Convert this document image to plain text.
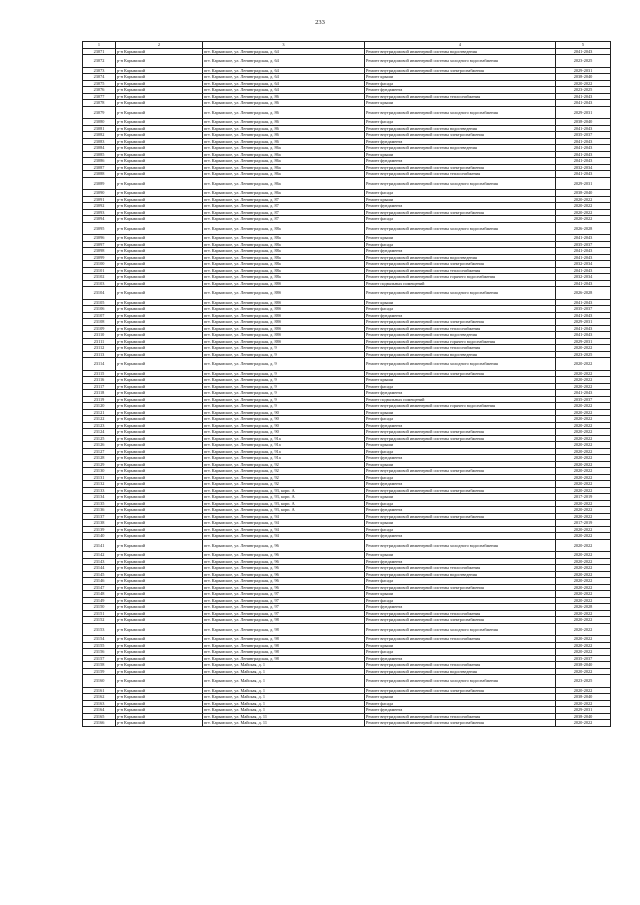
233
1	2	3	4	5
23071	р-н Карымский	пгт. Карымское, ул. Ленинградская, д. 64	Ремонт внутридомовой инженерной системы водоотведения	2041-2043
23072	р-н Карымский	пгт. Карымское, ул. Ленинградская, д. 64	Ремонт внутридомовой инженерной системы холодного водоснабжения	2023-2025
23073	р-н Карымский	пгт. Карымское, ул. Ленинградская, д. 64	Ремонт внутридомовой инженерной системы электроснабжения	2029-2031
23074	р-н Карымский	пгт. Карымское, ул. Ленинградская, д. 64	Ремонт крыши	2038-2040
23075	р-н Карымский	пгт. Карымское, ул. Ленинградская, д. 64	Ремонт фасада	2020-2022
23076	р-н Карымский	пгт. Карымское, ул. Ленинградская, д. 64	Ремонт фундамента	2023-2025
23077	р-н Карымский	пгт. Карымское, ул. Ленинградская, д. 86	Ремонт внутридомовой инженерной системы теплоснабжения	2041-2043
23078	р-н Карымский	пгт. Карымское, ул. Ленинградская, д. 86	Ремонт крыши	2041-2043
23079	р-н Карымский	пгт. Карымское, ул. Ленинградская, д. 86	Ремонт внутридомовой инженерной системы холодного водоснабжения	2029-2031
23080	р-н Карымский	пгт. Карымское, ул. Ленинградская, д. 86	Ремонт фасада	2038-2040
23081	р-н Карымский	пгт. Карымское, ул. Ленинградская, д. 86	Ремонт внутридомовой инженерной системы водоотведения	2041-2043
23082	р-н Карымский	пгт. Карымское, ул. Ленинградская, д. 86	Ремонт внутридомовой инженерной системы электроснабжения	2035-2037
23083	р-н Карымский	пгт. Карымское, ул. Ленинградская, д. 86	Ремонт фундамента	2041-2043
23084	р-н Карымский	пгт. Карымское, ул. Ленинградская, д. 86а	Ремонт внутридомовой инженерной системы водоотведения	2041-2043
23085	р-н Карымский	пгт. Карымское, ул. Ленинградская, д. 86а	Ремонт крыши	2041-2043
23086	р-н Карымский	пгт. Карымское, ул. Ленинградская, д. 86а	Ремонт фундамента	2041-2043
23087	р-н Карымский	пгт. Карымское, ул. Ленинградская, д. 86а	Ремонт внутридомовой инженерной системы электроснабжения	2032-2034
23088	р-н Карымский	пгт. Карымское, ул. Ленинградская, д. 86а	Ремонт внутридомовой инженерной системы теплоснабжения	2041-2043
23089	р-н Карымский	пгт. Карымское, ул. Ленинградская, д. 86а	Ремонт внутридомовой инженерной системы холодного водоснабжения	2029-2031
23090	р-н Карымский	пгт. Карымское, ул. Ленинградская, д. 86а	Ремонт фасада	2038-2040
23091	р-н Карымский	пгт. Карымское, ул. Ленинградская, д. 87	Ремонт крыши	2020-2022
23092	р-н Карымский	пгт. Карымское, ул. Ленинградская, д. 87	Ремонт фундамента	2020-2022
23093	р-н Карымский	пгт. Карымское, ул. Ленинградская, д. 87	Ремонт внутридомовой инженерной системы электроснабжения	2020-2022
23094	р-н Карымский	пгт. Карымское, ул. Ленинградская, д. 87	Ремонт фасада	2020-2022
23095	р-н Карымский	пгт. Карымское, ул. Ленинградская, д. 88а	Ремонт внутридомовой инженерной системы холодного водоснабжения	2026-2028
23096	р-н Карымский	пгт. Карымское, ул. Ленинградская, д. 88а	Ремонт крыши	2041-2043
23097	р-н Карымский	пгт. Карымское, ул. Ленинградская, д. 88а	Ремонт фасада	2035-2037
23098	р-н Карымский	пгт. Карымское, ул. Ленинградская, д. 88а	Ремонт фундамента	2041-2043
23099	р-н Карымский	пгт. Карымское, ул. Ленинградская, д. 88а	Ремонт внутридомовой инженерной системы водоотведения	2041-2043
23100	р-н Карымский	пгт. Карымское, ул. Ленинградская, д. 88а	Ремонт внутридомовой инженерной системы электроснабжения	2032-2034
23101	р-н Карымский	пгт. Карымское, ул. Ленинградская, д. 88а	Ремонт внутридомовой инженерной системы теплоснабжения	2041-2043
23102	р-н Карымский	пгт. Карымское, ул. Ленинградская, д. 88а	Ремонт внутридомовой инженерной системы горячего водоснабжения	2032-2034
23103	р-н Карымский	пгт. Карымское, ул. Ленинградская, д. 88б	Ремонт подвальных помещений	2041-2043
23104	р-н Карымский	пгт. Карымское, ул. Ленинградская, д. 88б	Ремонт внутридомовой инженерной системы холодного водоснабжения	2026-2028
23105	р-н Карымский	пгт. Карымское, ул. Ленинградская, д. 88б	Ремонт крыши	2041-2043
23106	р-н Карымский	пгт. Карымское, ул. Ленинградская, д. 88б	Ремонт фасада	2035-2037
23107	р-н Карымский	пгт. Карымское, ул. Ленинградская, д. 88б	Ремонт фундамента	2041-2043
23108	р-н Карымский	пгт. Карымское, ул. Ленинградская, д. 88б	Ремонт внутридомовой инженерной системы электроснабжения	2029-2031
23109	р-н Карымский	пгт. Карымское, ул. Ленинградская, д. 88б	Ремонт внутридомовой инженерной системы теплоснабжения	2041-2043
23110	р-н Карымский	пгт. Карымское, ул. Ленинградская, д. 88б	Ремонт внутридомовой инженерной системы водоотведения	2041-2043
23111	р-н Карымский	пгт. Карымское, ул. Ленинградская, д. 88б	Ремонт внутридомовой инженерной системы горячего водоснабжения	2029-2031
23112	р-н Карымский	пгт. Карымское, ул. Ленинградская, д. 9	Ремонт внутридомовой инженерной системы теплоснабжения	2020-2022
23113	р-н Карымский	пгт. Карымское, ул. Ленинградская, д. 9	Ремонт внутридомовой инженерной системы водоотведения	2023-2025
23114	р-н Карымский	пгт. Карымское, ул. Ленинградская, д. 9	Ремонт внутридомовой инженерной системы холодного водоснабжения	2020-2022
23115	р-н Карымский	пгт. Карымское, ул. Ленинградская, д. 9	Ремонт внутридомовой инженерной системы электроснабжения	2020-2022
23116	р-н Карымский	пгт. Карымское, ул. Ленинградская, д. 9	Ремонт крыши	2020-2022
23117	р-н Карымский	пгт. Карымское, ул. Ленинградская, д. 9	Ремонт фасада	2020-2022
23118	р-н Карымский	пгт. Карымское, ул. Ленинградская, д. 9	Ремонт фундамента	2041-2043
23119	р-н Карымский	пгт. Карымское, ул. Ленинградская, д. 9	Ремонт подвальных помещений	2035-2037
23120	р-н Карымский	пгт. Карымское, ул. Ленинградская, д. 9	Ремонт внутридомовой инженерной системы горячего водоснабжения	2020-2022
23121	р-н Карымский	пгт. Карымское, ул. Ленинградская, д. 90	Ремонт крыши	2020-2022
23122	р-н Карымский	пгт. Карымское, ул. Ленинградская, д. 90	Ремонт фасада	2020-2022
23123	р-н Карымский	пгт. Карымское, ул. Ленинградская, д. 90	Ремонт фундамента	2020-2022
23124	р-н Карымский	пгт. Карымское, ул. Ленинградская, д. 90	Ремонт внутридомовой инженерной системы электроснабжения	2020-2022
23125	р-н Карымский	пгт. Карымское, ул. Ленинградская, д. 91а	Ремонт внутридомовой инженерной системы электроснабжения	2020-2022
23126	р-н Карымский	пгт. Карымское, ул. Ленинградская, д. 91а	Ремонт крыши	2020-2022
23127	р-н Карымский	пгт. Карымское, ул. Ленинградская, д. 91а	Ремонт фасада	2020-2022
23128	р-н Карымский	пгт. Карымское, ул. Ленинградская, д. 91а	Ремонт фундамента	2020-2022
23129	р-н Карымский	пгт. Карымское, ул. Ленинградская, д. 92	Ремонт крыши	2020-2022
23130	р-н Карымский	пгт. Карымское, ул. Ленинградская, д. 92	Ремонт внутридомовой инженерной системы электроснабжения	2020-2022
23131	р-н Карымский	пгт. Карымское, ул. Ленинградская, д. 92	Ремонт фасада	2020-2022
23132	р-н Карымский	пгт. Карымское, ул. Ленинградская, д. 92	Ремонт фундамента	2020-2022
23133	р-н Карымский	пгт. Карымское, ул. Ленинградская, д. 93, корп. А	Ремонт внутридомовой инженерной системы электроснабжения	2020-2022
23134	р-н Карымский	пгт. Карымское, ул. Ленинградская, д. 93, корп. А	Ремонт крыши	2017-2019
23135	р-н Карымский	пгт. Карымское, ул. Ленинградская, д. 93, корп. А	Ремонт фасада	2020-2022
23136	р-н Карымский	пгт. Карымское, ул. Ленинградская, д. 93, корп. А	Ремонт фундамента	2020-2022
23137	р-н Карымский	пгт. Карымское, ул. Ленинградская, д. 94	Ремонт внутридомовой инженерной системы электроснабжения	2020-2022
23138	р-н Карымский	пгт. Карымское, ул. Ленинградская, д. 94	Ремонт крыши	2017-2019
23139	р-н Карымский	пгт. Карымское, ул. Ленинградская, д. 94	Ремонт фасада	2020-2022
23140	р-н Карымский	пгт. Карымское, ул. Ленинградская, д. 94	Ремонт фундамента	2020-2022
23141	р-н Карымский	пгт. Карымское, ул. Ленинградская, д. 96	Ремонт внутридомовой инженерной системы холодного водоснабжения	2020-2022
23142	р-н Карымский	пгт. Карымское, ул. Ленинградская, д. 96	Ремонт крыши	2020-2022
23143	р-н Карымский	пгт. Карымское, ул. Ленинградская, д. 96	Ремонт фундамента	2020-2022
23144	р-н Карымский	пгт. Карымское, ул. Ленинградская, д. 96	Ремонт внутридомовой инженерной системы теплоснабжения	2020-2022
23145	р-н Карымский	пгт. Карымское, ул. Ленинградская, д. 96	Ремонт внутридомовой инженерной системы водоотведения	2020-2022
23146	р-н Карымский	пгт. Карымское, ул. Ленинградская, д. 96	Ремонт фасада	2020-2022
23147	р-н Карымский	пгт. Карымское, ул. Ленинградская, д. 96	Ремонт внутридомовой инженерной системы электроснабжения	2020-2022
23148	р-н Карымский	пгт. Карымское, ул. Ленинградская, д. 97	Ремонт крыши	2020-2022
23149	р-н Карымский	пгт. Карымское, ул. Ленинградская, д. 97	Ремонт фасада	2020-2022
23150	р-н Карымский	пгт. Карымское, ул. Ленинградская, д. 97	Ремонт фундамента	2026-2028
23151	р-н Карымский	пгт. Карымское, ул. Ленинградская, д. 97	Ремонт внутридомовой инженерной системы теплоснабжения	2020-2022
23152	р-н Карымский	пгт. Карымское, ул. Ленинградская, д. 98	Ремонт внутридомовой инженерной системы электроснабжения	2020-2022
23153	р-н Карымский	пгт. Карымское, ул. Ленинградская, д. 98	Ремонт внутридомовой инженерной системы холодного водоснабжения	2020-2022
23154	р-н Карымский	пгт. Карымское, ул. Ленинградская, д. 98	Ремонт внутридомовой инженерной системы теплоснабжения	2020-2022
23155	р-н Карымский	пгт. Карымское, ул. Ленинградская, д. 98	Ремонт крыши	2020-2022
23156	р-н Карымский	пгт. Карымское, ул. Ленинградская, д. 98	Ремонт фасада	2020-2022
23157	р-н Карымский	пгт. Карымское, ул. Ленинградская, д. 98	Ремонт фундамента	2035-2037
23158	р-н Карымский	пгт. Карымское, ул. Майская, д. 1	Ремонт внутридомовой инженерной системы теплоснабжения	2038-2040
23159	р-н Карымский	пгт. Карымское, ул. Майская, д. 1	Ремонт внутридомовой инженерной системы водоотведения	2020-2022
23160	р-н Карымский	пгт. Карымское, ул. Майская, д. 1	Ремонт внутридомовой инженерной системы холодного водоснабжения	2023-2025
23161	р-н Карымский	пгт. Карымское, ул. Майская, д. 1	Ремонт внутридомовой инженерной системы электроснабжения	2020-2022
23162	р-н Карымский	пгт. Карымское, ул. Майская, д. 1	Ремонт крыши	2038-2040
23163	р-н Карымский	пгт. Карымское, ул. Майская, д. 1	Ремонт фасада	2020-2022
23164	р-н Карымский	пгт. Карымское, ул. Майская, д. 1	Ремонт фундамента	2029-2031
23165	р-н Карымский	пгт. Карымское, ул. Майская, д. 11	Ремонт внутридомовой инженерной системы теплоснабжения	2038-2040
23166	р-н Карымский	пгт. Карымское, ул. Майская, д. 11	Ремонт внутридомовой инженерной системы электроснабжения	2020-2022
